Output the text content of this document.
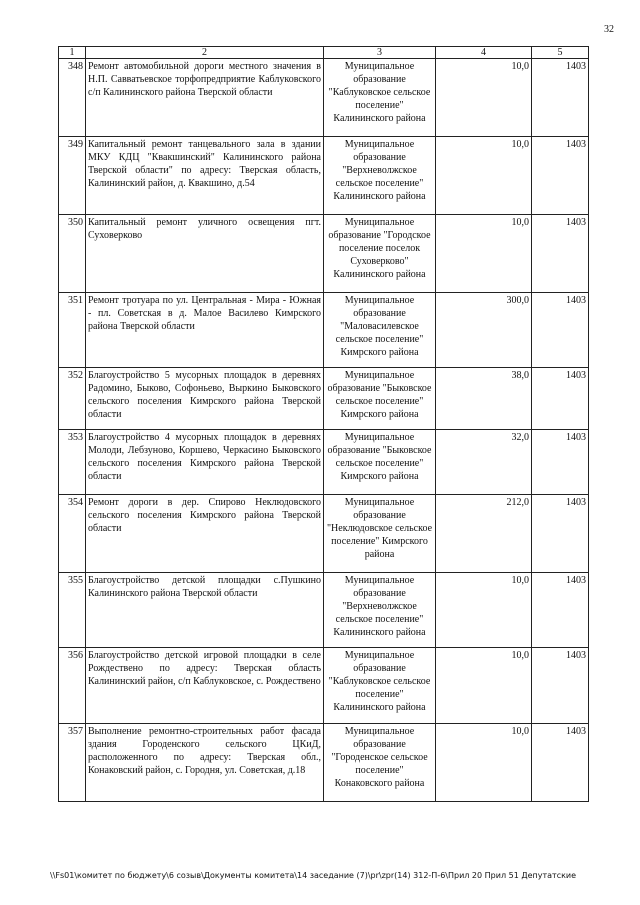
32
1	2	3	4	5
348	Ремонт автомобильной дороги местного значения в Н.П. Савватьевское торфопредприятие Каблуковского с/п Калининского района Тверской области	Муниципальное образование "Каблуковское сельское поселение" Калининского района	10,0	1403
349	Капитальный ремонт танцевального зала в здании МКУ КДЦ "Квакшинский" Калининского района Тверской области" по адресу: Тверская область, Калининский район, д. Квакшино, д.54	Муниципальное образование "Верхневолжское сельское поселение" Калининского района	10,0	1403
350	Капитальный ремонт уличного освещения пгт. Суховерково	Муниципальное образование "Городское поселение поселок Суховерково" Калининского района	10,0	1403
351	Ремонт тротуара по ул. Центральная - Мира - Южная - пл. Советская в д. Малое Василево Кимрского района Тверской области	Муниципальное образование "Маловасилевское сельское поселение" Кимрского района	300,0	1403
352	Благоустройство 5 мусорных площадок в деревнях Радомино, Быково, Софоньево, Выркино Быковского сельского поселения Кимрского района Тверской области	Муниципальное образование "Быковское сельское поселение" Кимрского района	38,0	1403
353	Благоустройство 4 мусорных площадок в деревнях Молоди, Лебзуново, Коршево, Черкасино Быковского сельского поселения Кимрского района Тверской области	Муниципальное образование "Быковское сельское поселение" Кимрского района	32,0	1403
354	Ремонт дороги в дер. Спирово Неклюдовского сельского поселения Кимрского района Тверской области	Муниципальное образование "Неклюдовское сельское поселение" Кимрского района	212,0	1403
355	Благоустройство детской площадки с.Пушкино Калининского района Тверской области	Муниципальное образование "Верхневолжское сельское поселение" Калининского района	10,0	1403
356	Благоустройство детской игровой площадки в селе Рождествено по адресу: Тверская область Калининский район, с/п Каблуковское, с. Рождествено	Муниципальное образование "Каблуковское сельское поселение" Калининского района	10,0	1403
357	Выполнение ремонтно-строительных работ фасада здания Городенского сельского ЦКиД, расположенного по адресу: Тверская обл., Конаковский район, с. Городня, ул. Советская, д.18	Муниципальное образование "Городенское сельское поселение" Конаковского района	10,0	1403
\\Fs01\комитет по бюджету\6 созыв\Документы комитета\14 заседание (7)\pr\zpr(14) 312-П-6\Прил 20 Прил 51 Депутатские
